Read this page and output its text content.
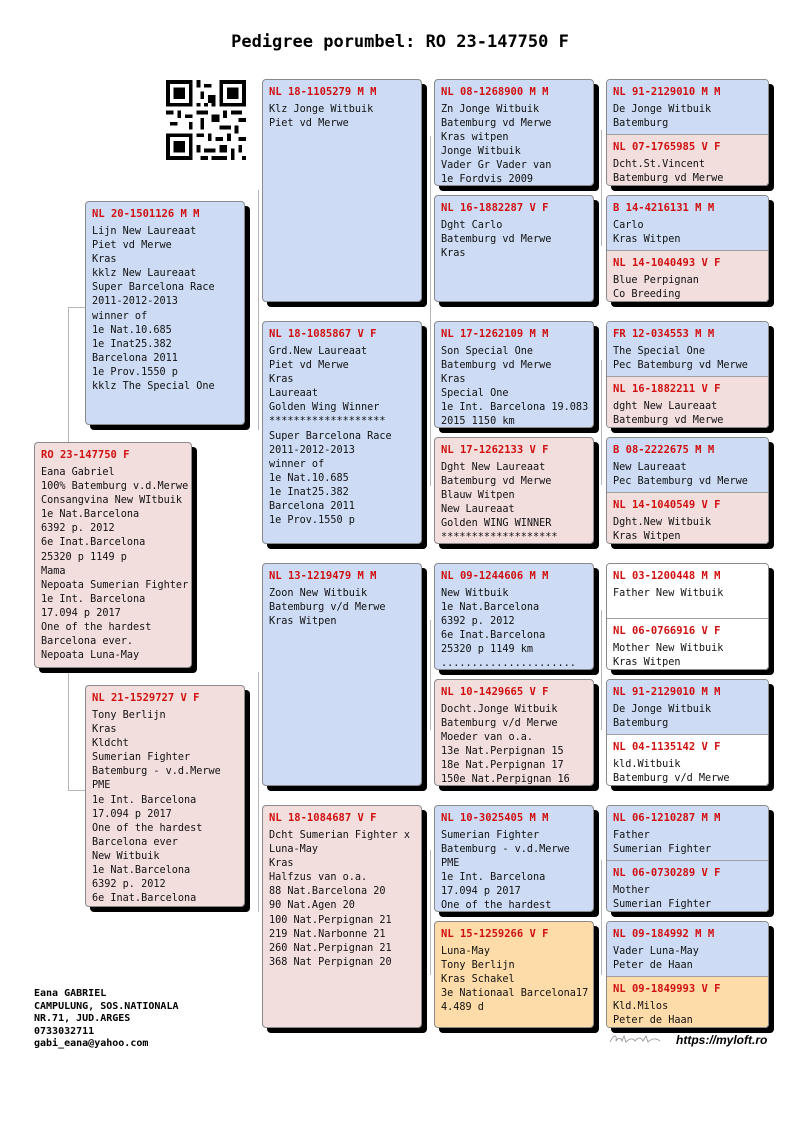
Pedigree porumbel: RO 23-147750 F
RO 23-147750 F
Eana Gabriel
100% Batemburg v.d.Merwe
Consangvina New WItbuik
1e Nat.Barcelona
6392 p. 2012
6e Inat.Barcelona
25320 p 1149 p
Mama
Nepoata Sumerian Fighter
1e Int. Barcelona
17.094 p 2017
One of the hardest
Barcelona ever.
Nepoata Luna-May
NL 20-1501126 M M
Lijn New Laureaat
Piet vd Merwe
Kras
kklz New Laureaat
Super Barcelona Race
2011-2012-2013
winner of
1e Nat.10.685
1e Inat25.382
Barcelona 2011
1e Prov.1550 p
kklz The Special One
NL 21-1529727 V F
Tony Berlijn
Kras
Kldcht
Sumerian Fighter
Batemburg - v.d.Merwe
PME
1e Int. Barcelona
17.094 p 2017
One of the hardest
Barcelona ever
New Witbuik
1e Nat.Barcelona
6392 p. 2012
6e Inat.Barcelona
NL 18-1105279 M M
Klz Jonge Witbuik
Piet vd Merwe
NL 18-1085867 V F
Grd.New Laureaat
Piet vd Merwe
Kras
Laureaat
Golden Wing Winner
*******************
Super Barcelona Race
2011-2012-2013
winner of
1e Nat.10.685
1e Inat25.382
Barcelona 2011
1e Prov.1550 p
NL 13-1219479 M M
Zoon New Witbuik
Batemburg v/d Merwe
Kras Witpen
NL 18-1084687 V F
Dcht Sumerian Fighter x
Luna-May
Kras
Halfzus van o.a.
88 Nat.Barcelona 20
90 Nat.Agen 20
100 Nat.Perpignan 21
219 Nat.Narbonne 21
260 Nat.Perpignan 21
368 Nat Perpignan 20
NL 08-1268900 M M
Zn Jonge Witbuik
Batemburg vd Merwe
Kras witpen
Jonge Witbuik
Vader Gr Vader van
1e Fordvis 2009
NL 16-1882287 V F
Dght Carlo
Batemburg vd Merwe
Kras
NL 17-1262109 M M
Son Special One
Batemburg vd Merwe
Kras
Special One
1e Int. Barcelona 19.083
2015 1150 km
NL 17-1262133 V F
Dght New Laureaat
Batemburg vd Merwe
Blauw Witpen
New Laureaat
Golden WING WINNER
*******************
NL 09-1244606 M M
New Witbuik
1e Nat.Barcelona
6392 p. 2012
6e Inat.Barcelona
25320 p 1149 km
......................
NL 10-1429665 V F
Docht.Jonge Witbuik
Batemburg v/d Merwe
Moeder van o.a.
13e Nat.Perpignan 15
18e Nat.Perpignan 17
150e Nat.Perpignan 16
NL 10-3025405 M M
Sumerian Fighter
Batemburg - v.d.Merwe
PME
1e Int. Barcelona
17.094 p 2017
One of the hardest
NL 15-1259266 V F
Luna-May
Tony Berlijn
Kras Schakel
3e Nationaal Barcelona17
4.489 d
NL 91-2129010 M M
De Jonge Witbuik
Batemburg
NL 07-1765985 V F
Dcht.St.Vincent
Batemburg vd Merwe
B 14-4216131 M M
Carlo
Kras Witpen
NL 14-1040493 V F
Blue Perpignan
Co Breeding
FR 12-034553 M M
The Special One
Pec Batemburg vd Merwe
NL 16-1882211 V F
dght New Laureaat
Batemburg vd Merwe
B 08-2222675 M M
New Laureaat
Pec Batemburg vd Merwe
NL 14-1040549 V F
Dght.New Witbuik
Kras Witpen
NL 03-1200448 M M
Father New Witbuik
NL 06-0766916 V F
Mother New Witbuik
Kras Witpen
NL 91-2129010 M M
De Jonge Witbuik
Batemburg
NL 04-1135142 V F
kld.Witbuik
Batemburg v/d Merwe
NL 06-1210287 M M
Father
Sumerian Fighter
NL 06-0730289 V F
Mother
Sumerian Fighter
NL 09-184992 M M
Vader Luna-May
Peter de Haan
NL 09-1849993 V F
Kld.Milos
Peter de Haan
Eana GABRIEL
CAMPULUNG, SOS.NATIONALA
NR.71, JUD.ARGES
0733032711
gabi_eana@yahoo.com	https://myloft.ro
